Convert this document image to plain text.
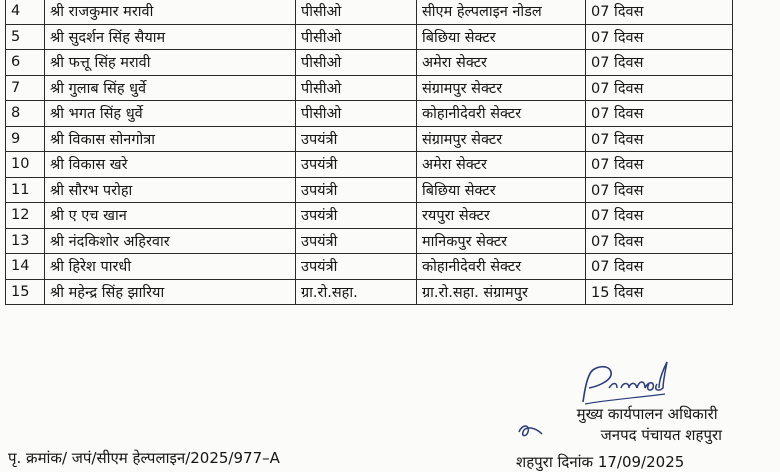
4	श्री राजकुमार मरावी	पीसीओ	सीएम हेल्पलाइन नोडल	07 दिवस
5	श्री सुदर्शन सिंह सैयाम	पीसीओ	बिछिया सेक्टर	07 दिवस
6	श्री फत्तू सिंह मरावी	पीसीओ	अमेरा सेक्टर	07 दिवस
7	श्री गुलाब सिंह धुर्वे	पीसीओ	संग्रामपुर सेक्टर	07 दिवस
8	श्री भगत सिंह धुर्वे	पीसीओ	कोहानीदेवरी सेक्टर	07 दिवस
9	श्री विकास सोनगोत्रा	उपयंत्री	संग्रामपुर सेक्टर	07 दिवस
10	श्री विकास खरे	उपयंत्री	अमेरा सेक्टर	07 दिवस
11	श्री सौरभ परोहा	उपयंत्री	बिछिया सेक्टर	07 दिवस
12	श्री ए एच खान	उपयंत्री	रयपुरा सेक्टर	07 दिवस
13	श्री नंदकिशोर अहिरवार	उपयंत्री	मानिकपुर सेक्टर	07 दिवस
14	श्री हिरेश पारधी	उपयंत्री	कोहानीदेवरी सेक्टर	07 दिवस
15	श्री महेन्द्र सिंह झारिया	ग्रा.रो.सहा.	ग्रा.रो.सहा. संग्रामपुर	15 दिवस
मुख्य कार्यपालन अधिकारी
जनपद पंचायत शहपुरा
पृ. क्रमांक/ जपं/सीएम हेल्पलाइन/2025/977–A	शहपुरा दिनांक 17/09/2025
